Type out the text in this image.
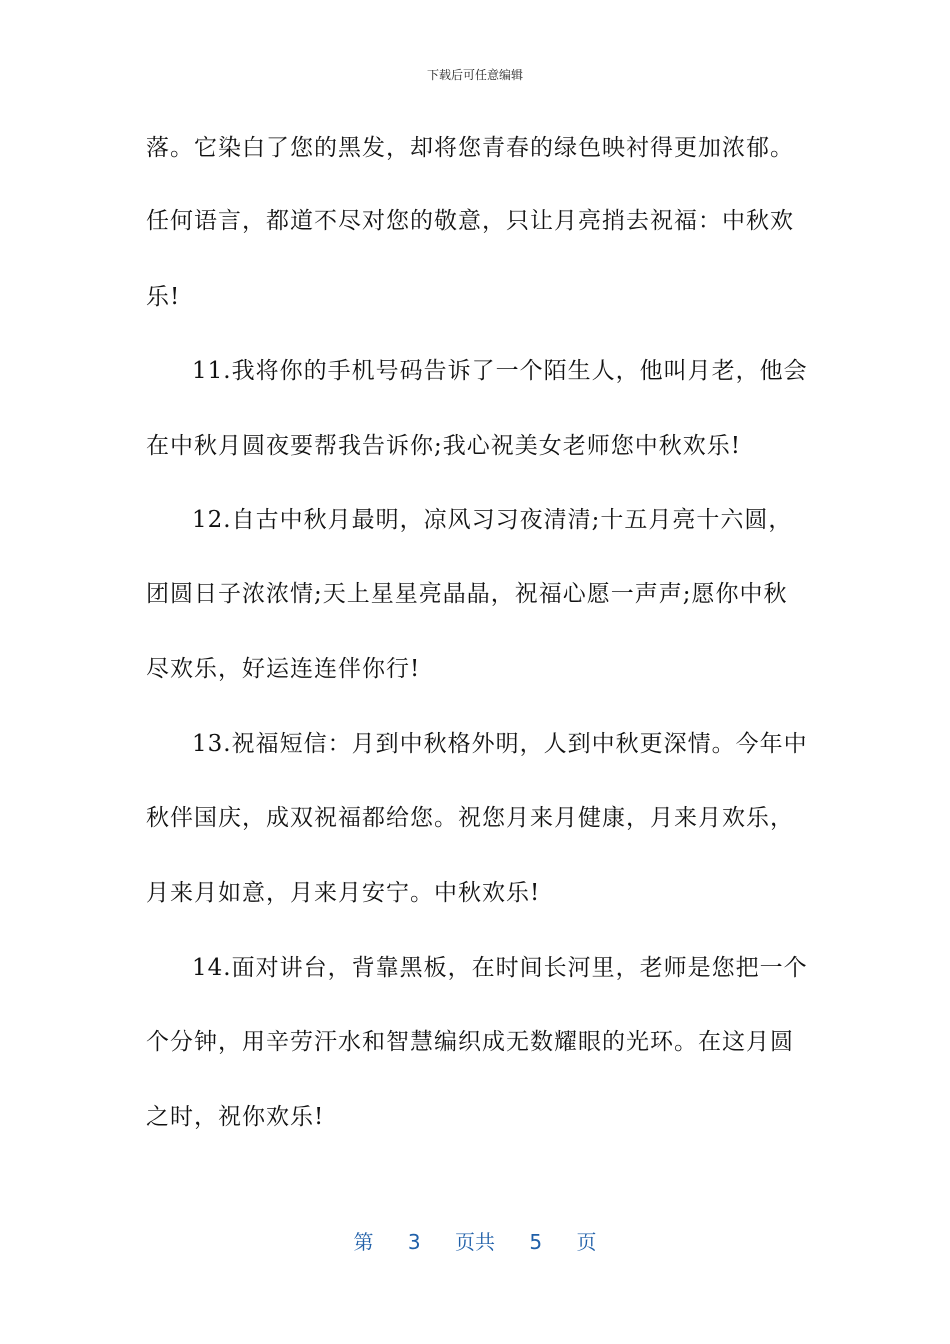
下载后可任意编辑
落。它染白了您的黑发，却将您青春的绿色映衬得更加浓郁。
任何语言，都道不尽对您的敬意，只让月亮捎去祝福：中秋欢
乐!
11.我将你的手机号码告诉了一个陌生人，他叫月老，他会
在中秋月圆夜要帮我告诉你;我心祝美女老师您中秋欢乐!
12.自古中秋月最明，凉风习习夜清清;十五月亮十六圆，
团圆日子浓浓情;天上星星亮晶晶，祝福心愿一声声;愿你中秋
尽欢乐，好运连连伴你行!
13.祝福短信：月到中秋格外明，人到中秋更深情。今年中
秋伴国庆，成双祝福都给您。祝您月来月健康，月来月欢乐，
月来月如意，月来月安宁。中秋欢乐!
14.面对讲台，背靠黑板，在时间长河里，老师是您把一个
个分钟，用辛劳汗水和智慧编织成无数耀眼的光环。在这月圆
之时，祝你欢乐!
第 3 页共 5 页
